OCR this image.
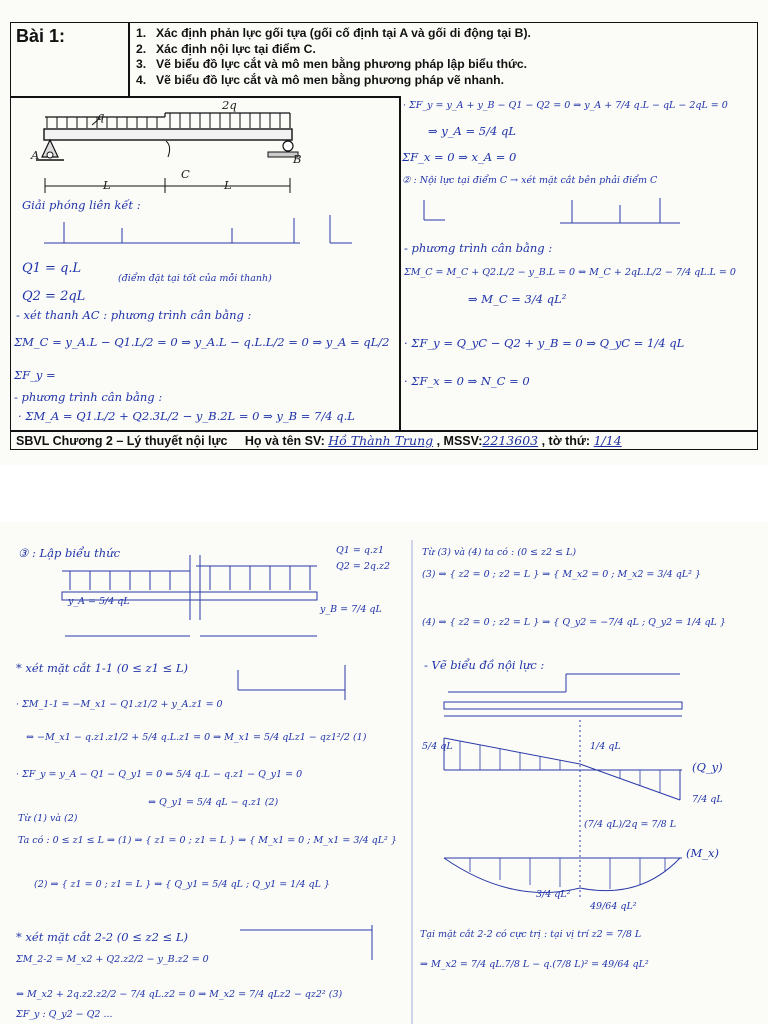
Bài 1:	1. Xác định phản lực gối tựa (gối cố định tại A và gối di động tại B).
2. Xác định nội lực tại điểm C.
3. Vẽ biểu đồ lực cắt và mô men bằng phương pháp lập biểu thức.
4. Vẽ biểu đồ lực cắt và mô men bằng phương pháp vẽ nhanh.
q
2q
A	B
C
L	L
Giải phóng liên kết :
Q1 = q.L
Q2 = 2qL
(điểm đặt tại tốt của mỗi thanh)
- xét thanh AC : phương trình cân bằng :
ΣM_C = y_A.L − Q1.L/2 = 0 ⇒ y_A.L − q.L.L/2 = 0 ⇒ y_A = qL/2
ΣF_y =
- phương trình cân bằng :
· ΣM_A = Q1.L/2 + Q2.3L/2 − y_B.2L = 0 ⇒ y_B = 7/4 q.L
· ΣF_y = y_A + y_B − Q1 − Q2 = 0 ⇒ y_A + 7/4 q.L − qL − 2qL = 0
⇒ y_A = 5/4 qL
ΣF_x = 0 ⇒ x_A = 0
② : Nội lực tại điểm C → xét mặt cắt bên phải điểm C
- phương trình cân bằng :
ΣM_C = M_C + Q2.L/2 − y_B.L = 0 ⇔ M_C + 2qL.L/2 − 7/4 qL.L = 0
⇒ M_C = 3/4 qL²
· ΣF_y = Q_yC − Q2 + y_B = 0 ⇒ Q_yC = 1/4 qL
· ΣF_x = 0 ⇒ N_C = 0
SBVL Chương 2 – Lý thuyết nội lực Họ và tên SV: Hồ Thành Trung , MSSV:2213603 , tờ thứ: 1/14
③ : Lập biểu thức	Q1 = q.z1
Q2 = 2q.z2
y_A = 5/4 qL
y_B = 7/4 qL
* xét mặt cắt 1-1 (0 ≤ z1 ≤ L)
· ΣM_1-1 = −M_x1 − Q1.z1/2 + y_A.z1 = 0
⇔ −M_x1 − q.z1.z1/2 + 5/4 q.L.z1 = 0 ⇒ M_x1 = 5/4 qLz1 − qz1²/2 (1)
· ΣF_y = y_A − Q1 − Q_y1 = 0 ⇔ 5/4 q.L − q.z1 − Q_y1 = 0
⇔ Q_y1 = 5/4 qL − q.z1 (2)
Từ (1) và (2)
Ta có : 0 ≤ z1 ≤ L ⇒ (1) ⇒ { z1 = 0 ; z1 = L } ⇒ { M_x1 = 0 ; M_x1 = 3/4 qL² }
(2) ⇒ { z1 = 0 ; z1 = L } ⇒ { Q_y1 = 5/4 qL ; Q_y1 = 1/4 qL }
* xét mặt cắt 2-2 (0 ≤ z2 ≤ L)
ΣM_2-2 = M_x2 + Q2.z2/2 − y_B.z2 = 0
⇔ M_x2 + 2q.z2.z2/2 − 7/4 qL.z2 = 0 ⇒ M_x2 = 7/4 qLz2 − qz2² (3)
ΣF_y : Q_y2 − Q2 ...
Từ (3) và (4) ta có : (0 ≤ z2 ≤ L)
(3) ⇒ { z2 = 0 ; z2 = L } ⇒ { M_x2 = 0 ; M_x2 = 3/4 qL² }
(4) ⇒ { z2 = 0 ; z2 = L } ⇒ { Q_y2 = −7/4 qL ; Q_y2 = 1/4 qL }
- Vẽ biểu đồ nội lực :
5/4 qL	1/4 qL
(Q_y)
7/4 qL
(7/4 qL)/2q = 7/8 L
(M_x)
3/4 qL²
49/64 qL²
Tại mặt cắt 2-2 có cực trị : tại vị trí z2 = 7/8 L
⇒ M_x2 = 7/4 qL.7/8 L − q.(7/8 L)² = 49/64 qL²
